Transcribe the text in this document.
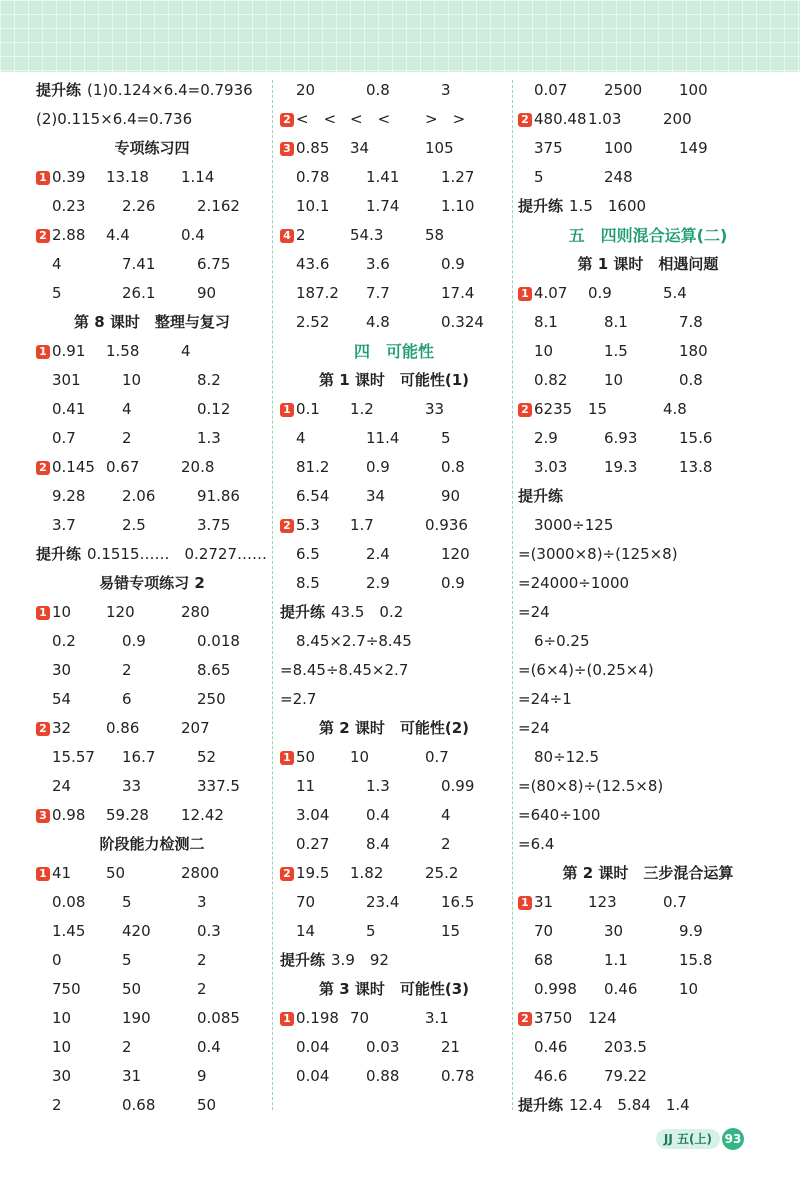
提升练 (1)0.124×6.4=0.7936
(2)0.115×6.4=0.736
专项练习四
1 0.39 13.18 1.14
0.23 2.26	2.162
2 2.88 4.4	0.4
4	7.41	6.75
5	26.1	90
第 8 课时　整理与复习
1 0.91 1.58	4
301	10	8.2
0.41 4	0.12
0.7	2	1.3
2 0.145 0.67	20.8
9.28 2.06	91.86
3.7	2.5	3.75
提升练 0.1515……　0.2727……
易错专项练习 2
1 10 120	280
0.2	0.9	0.018
30	2	8.65
54	6	250
2 32 0.86	207
15.57 16.7	52
24	33	337.5
3 0.98 59.28 12.42
阶段能力检测二
1 41 50	2800
0.08 5	3
1.45 420	0.3
0	5	2
750	50	2
10	190	0.085
10	2	0.4
30	31	9
2	0.68	50
20	0.8	3
2 <　< <　< >　>
3 0.85 34	105
0.78 1.41	1.27
10.1 1.74	1.10
4 2	54.3	58
43.6 3.6	0.9
187.2 7.7	17.4
2.52 4.8	0.324
四　可能性
第 1 课时　可能性(1)
1 0.1 1.2	33
4	11.4	5
81.2 0.9	0.8
6.54 34	90
2 5.3 1.7	0.936
6.5	2.4	120
8.5	2.9	0.9
提升练 43.5　0.2
8.45×2.7÷8.45
=8.45÷8.45×2.7
=2.7
第 2 课时　可能性(2)
1 50 10	0.7
11	1.3	0.99
3.04 0.4	4
0.27 8.4	2
2 19.5 1.82	25.2
70	23.4	16.5
14	5	15
提升练 3.9　92
第 3 课时　可能性(3)
1 0.198 70	3.1
0.04 0.03	21
0.04 0.88	0.78
0.07 2500 100
2 480.48 1.03	200
375	100	149
5	248
提升练 1.5　1600
五　四则混合运算(二)
第 1 课时　相遇问题
1 4.07 0.9	5.4
8.1	8.1	7.8
10	1.5	180
0.82 10	0.8
2 6235 15	4.8
2.9	6.93	15.6
3.03 19.3	13.8
提升练
3000÷125
=(3000×8)÷(125×8)
=24000÷1000
=24
6÷0.25
=(6×4)÷(0.25×4)
=24÷1
=24
80÷12.5
=(80×8)÷(12.5×8)
=640÷100
=6.4
第 2 课时　三步混合运算
1 31 123	0.7
70	30	9.9
68	1.1	15.8
0.998 0.46	10
2 3750 124
0.46 203.5
46.6 79.22
提升练 12.4　5.84　1.4
JJ 五(上)	93
